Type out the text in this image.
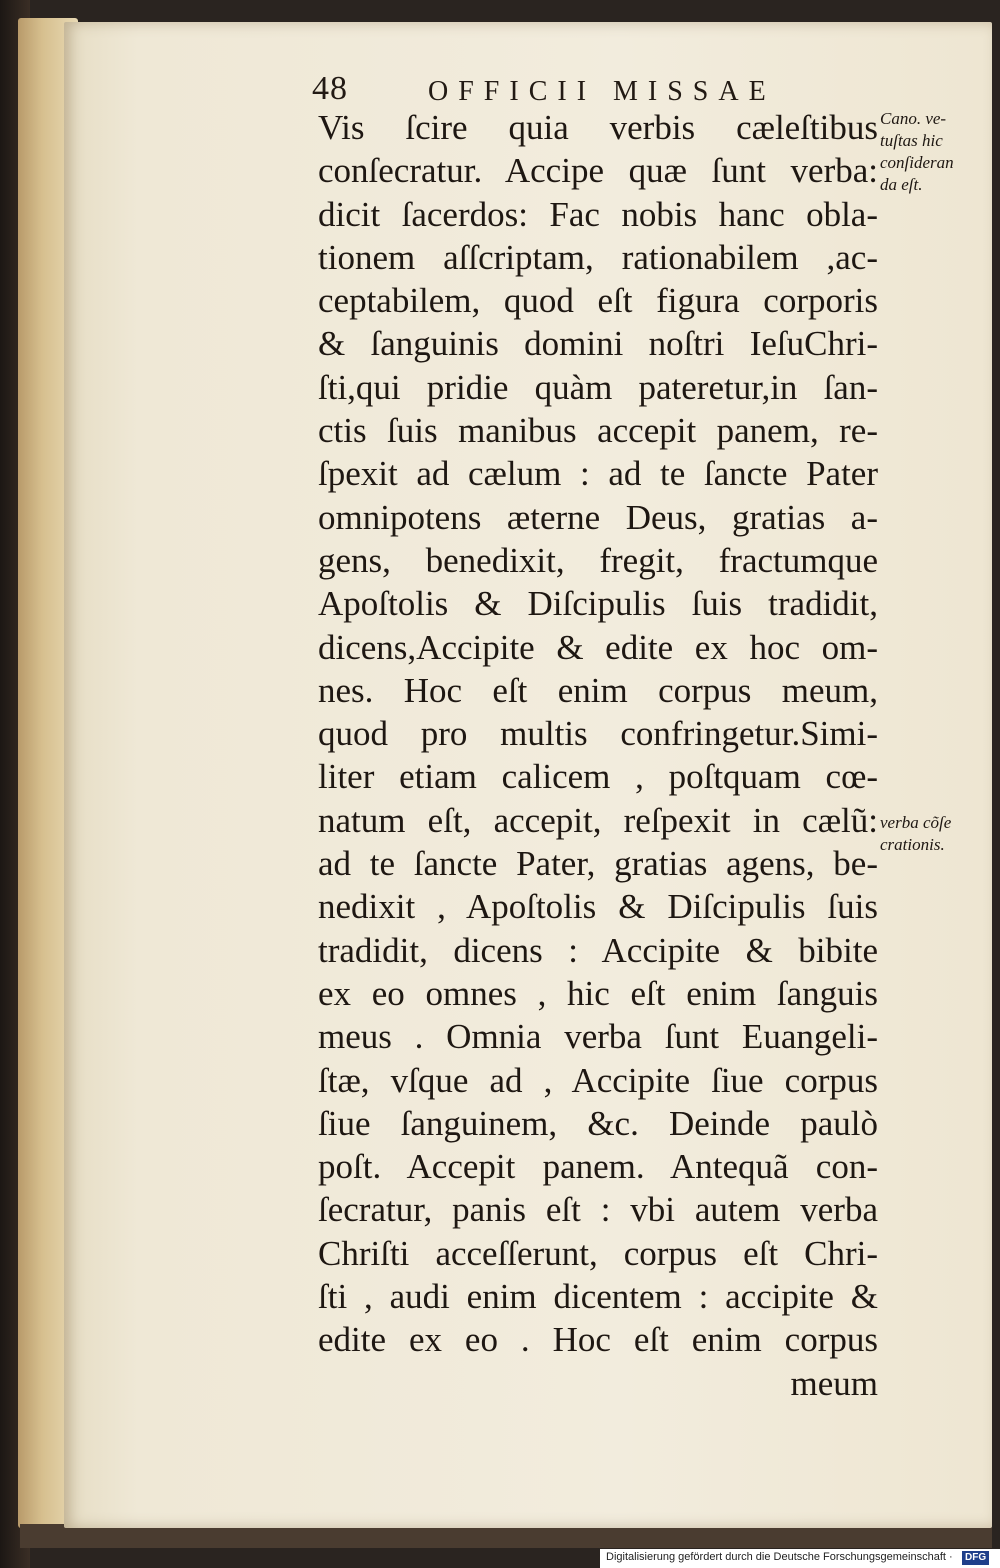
48	OFFICII MISSAE
Vis ſcire quia verbis cæleſtibus
conſecratur. Accipe quæ ſunt verba:
dicit ſacerdos: Fac nobis hanc obla-
tionem aſſcriptam, rationabilem ,ac-
ceptabilem, quod eſt figura corporis
& ſanguinis domini noſtri IeſuChri-
ſti,qui pridie quàm pateretur,in ſan-
ctis ſuis manibus accepit panem, re-
ſpexit ad cælum : ad te ſancte Pater
omnipotens æterne Deus, gratias a-
gens, benedixit, fregit, fractumque
Apoſtolis & Diſcipulis ſuis tradidit,
dicens,Accipite & edite ex hoc om-
nes. Hoc eſt enim corpus meum,
quod pro multis confringetur.Simi-
liter etiam calicem , poſtquam cœ-
natum eſt, accepit, reſpexit in cælũ:
ad te ſancte Pater, gratias agens, be-
nedixit , Apoſtolis & Diſcipulis ſuis
tradidit, dicens : Accipite & bibite
ex eo omnes , hic eſt enim ſanguis
meus . Omnia verba ſunt Euangeli-
ſtæ, vſque ad , Accipite ſiue corpus
ſiue ſanguinem, &c. Deinde paulò
poſt. Accepit panem. Antequã con-
ſecratur, panis eſt : vbi autem verba
Chriſti acceſſerunt, corpus eſt Chri-
ſti , audi enim dicentem : accipite &
edite ex eo . Hoc eſt enim corpus
meum
Cano. ve-
tuſtas hic
conſideran
da eſt.
verba cõſe
crationis.
Digitalisierung gefördert durch die Deutsche Forschungsgemeinschaft ·	DFG
